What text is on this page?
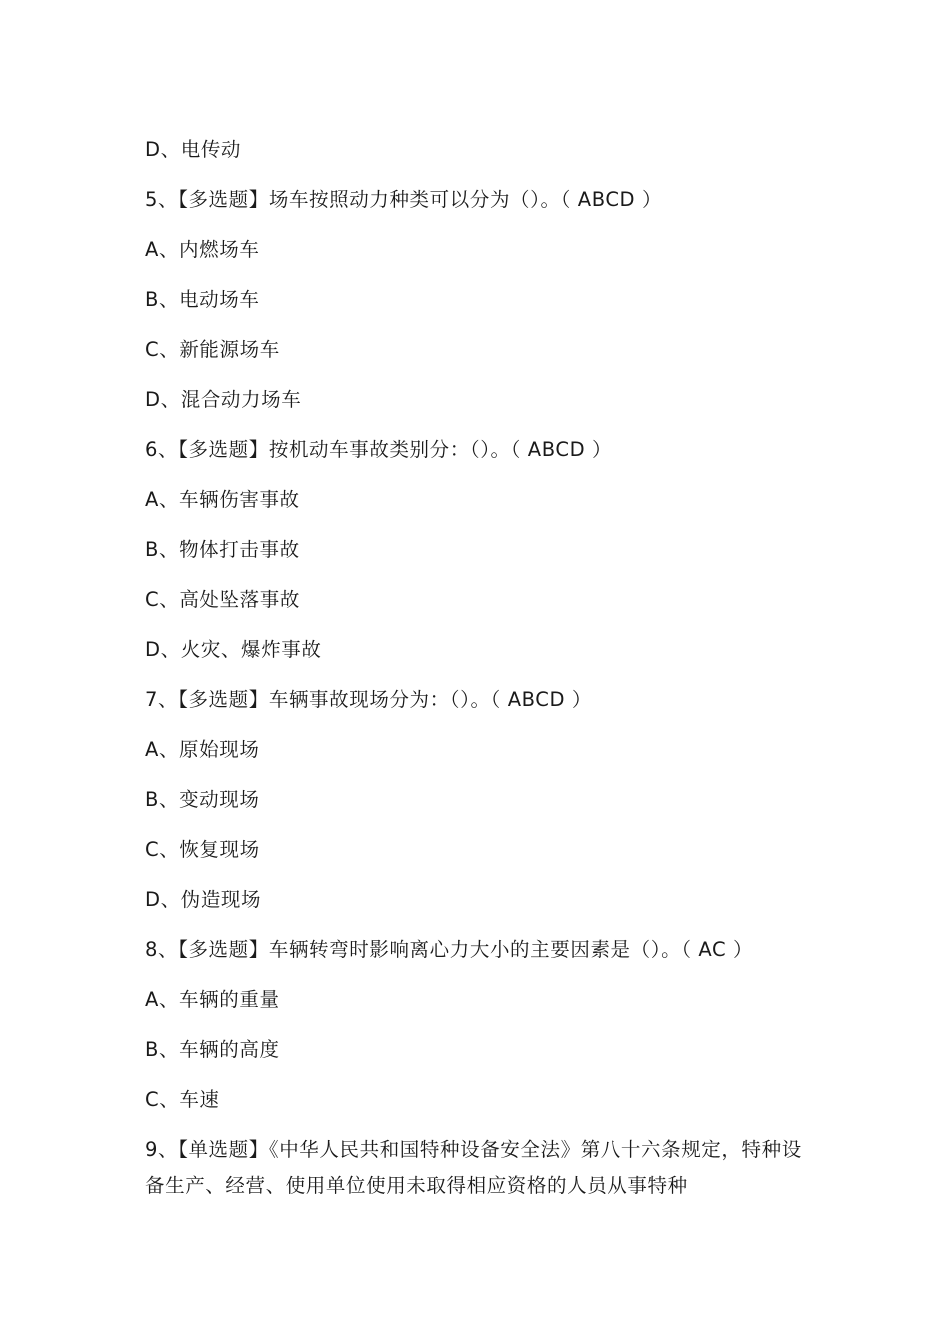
D、电传动
5、【多选题】场车按照动力种类可以分为（）。（ ABCD ）
A、内燃场车
B、电动场车
C、新能源场车
D、混合动力场车
6、【多选题】按机动车事故类别分：（）。（ ABCD ）
A、车辆伤害事故
B、物体打击事故
C、高处坠落事故
D、火灾、爆炸事故
7、【多选题】车辆事故现场分为：（）。（ ABCD ）
A、原始现场
B、变动现场
C、恢复现场
D、伪造现场
8、【多选题】车辆转弯时影响离心力大小的主要因素是（）。（ AC ）
A、车辆的重量
B、车辆的高度
C、车速
9、【单选题】《中华人民共和国特种设备安全法》第八十六条规定，特种设备生产、经营、使用单位使用未取得相应资格的人员从事特种
